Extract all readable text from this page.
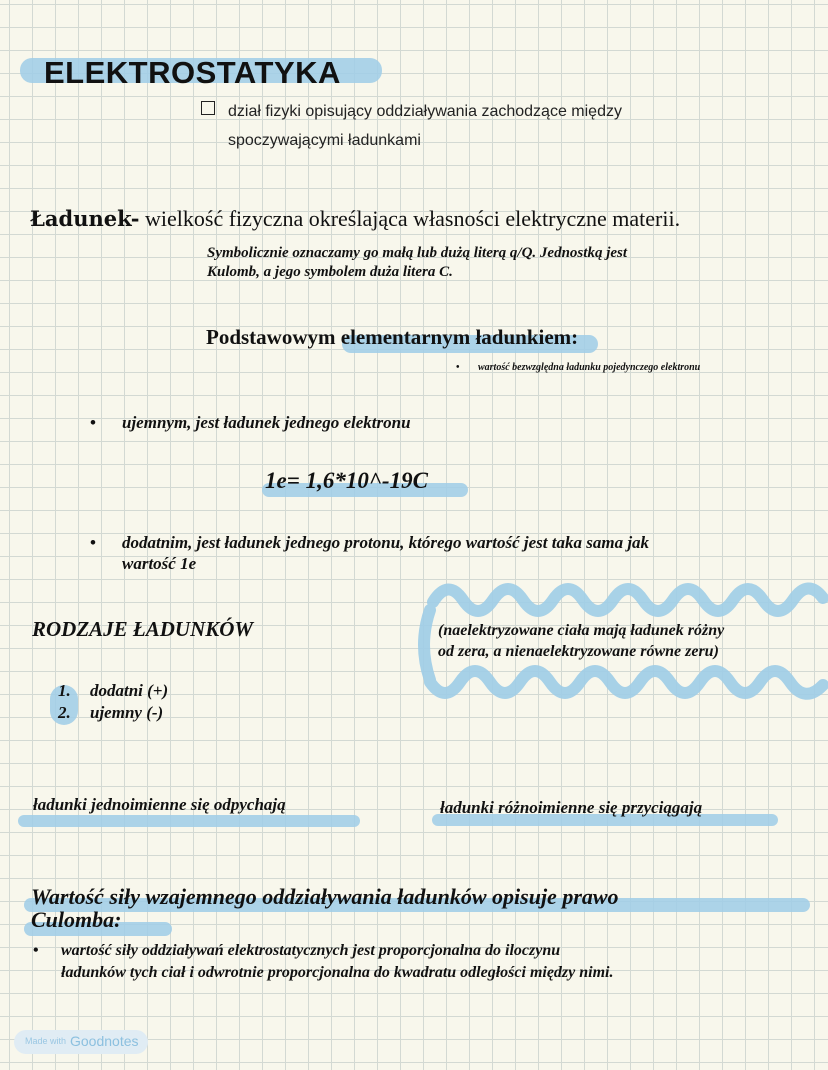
ELEKTROSTATYKA
dział fizyki opisujący oddziaływania zachodzące między
spoczywającymi ładunkami
Ładunek- wielkość fizyczna określająca własności elektryczne materii.
Symbolicznie oznaczamy go małą lub dużą literą q/Q. Jednostką jest
Kulomb, a jego symbolem duża litera C.
Podstawowym elementarnym ładunkiem:
•	wartość bezwzględna ładunku pojedynczego elektronu
•	ujemnym, jest ładunek jednego elektronu
1e= 1,6*10^-19C
•	dodatnim, jest ładunek jednego protonu, którego wartość jest taka sama jak
wartość 1e
RODZAJE ŁADUNKÓW	(naelektryzowane ciała mają ładunek różny
od zera, a nienaelektryzowane równe zeru)
1. dodatni (+)
2. ujemny (-)
ładunki jednoimienne się odpychają	ładunki różnoimienne się przyciągają
Wartość siły wzajemnego oddziaływania ładunków opisuje prawo
Culomba:
•	wartość siły oddziaływań elektrostatycznych jest proporcjonalna do iloczynu
ładunków tych ciał i odwrotnie proporcjonalna do kwadratu odległości między nimi.
Made with Goodnotes
